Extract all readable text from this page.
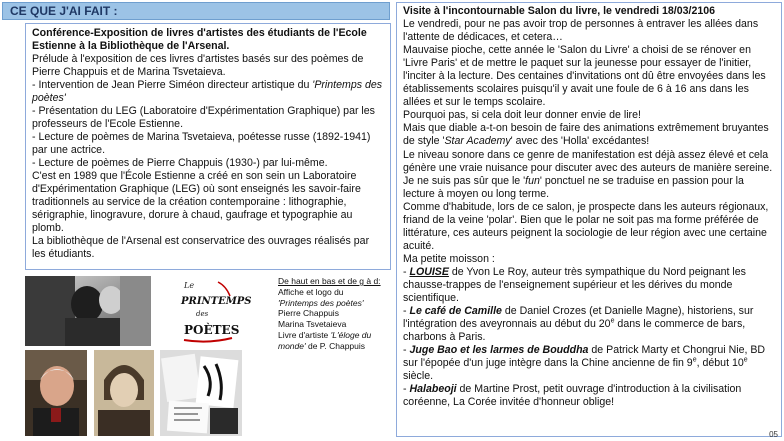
CE QUE J'AI FAIT :

Conférence-Exposition de livres d'artistes des étudiants de l'Ecole Estienne à la Bibliothèque de l'Arsenal.

Prélude à l'exposition de ces livres d'artistes basés sur des poèmes de Pierre Chappuis et de Marina Tsvetaieva.

- Intervention de Jean Pierre Siméon directeur artistique du 'Printemps des poètes'

- Présentation du LEG (Laboratoire d'Expérimentation Graphique) par les professeurs de l'Ecole Estienne.

- Lecture de poèmes de Marina Tsvetaieva, poétesse russe (1892-1941) par une actrice.

- Lecture de poèmes de Pierre Chappuis (1930-) par lui-même.

C'est en 1989 que l'École Estienne a créé en son sein un Laboratoire d'Expérimentation Graphique (LEG) où sont enseignés les savoir-faire traditionnels au service de la création contemporaine : lithographie, sérigraphie, linogravure, dorure à chaud, gaufrage et typographie au plomb.

La bibliothèque de l'Arsenal est conservatrice des ouvrages réalisés par les étudiants.

Le
PRINTEMPS
des
POÈTES
De haut en bas et de g à d:
Affiche et logo du
'Printemps des poètes'
Pierre Chappuis
Marina Tsvetaieva
Livre d'artiste 'L'éloge du monde' de P. Chappuis

Visite à l'incontournable Salon du livre, le vendredi 18/03/2106

Le vendredi, pour ne pas avoir trop de personnes à entraver les allées dans l'attente de dédicaces, et cetera…

Mauvaise pioche, cette année le 'Salon du Livre' a choisi de se rénover en 'Livre Paris' et de mettre le paquet sur la jeunesse pour essayer de l'initier, l'inciter à la lecture. Des centaines d'invitations ont dû être envoyées dans les établissements scolaires puisqu'il y avait une foule de 6 à 16 ans dans les allées et sur le temps scolaire.

Pourquoi pas, si cela doit leur donner envie de lire!

Mais que diable a-t-on besoin de faire des animations extrêmement bruyantes de style 'Star Academy' avec des 'Holla' excédantes!

Le niveau sonore dans ce genre de manifestation est déjà assez élevé et cela génère une vraie nuisance pour discuter avec des auteurs de manière sereine. Je ne suis pas sûr que le 'fun' ponctuel ne se traduise en passion pour la lecture à moyen ou long terme.

Comme d'habitude, lors de ce salon, je prospecte dans les auteurs régionaux, friand de la veine 'polar'. Bien que le polar ne soit pas ma forme préférée de littérature, ces auteurs peignent la sociologie de leur région avec une certaine acuité.

Ma petite moisson :

- LOUISE de Yvon Le Roy, auteur très sympathique du Nord peignant les chausse-trappes de l'enseignement supérieur et les dérives du monde scientifique.

- Le café de Camille de Daniel Crozes (et Danielle Magne), historiens, sur l'intégration des aveyronnais au début du 20e dans le commerce de bars, charbons à Paris.

- Juge Bao et les larmes de Bouddha de Patrick Marty et Chongrui Nie, BD sur l'épopée d'un juge intègre dans la Chine ancienne de fin 9e, début 10e siècle.

- Halabeoji de Martine Prost, petit ouvrage d'introduction à la civilisation coréenne, La Corée invitée d'honneur oblige!

05
